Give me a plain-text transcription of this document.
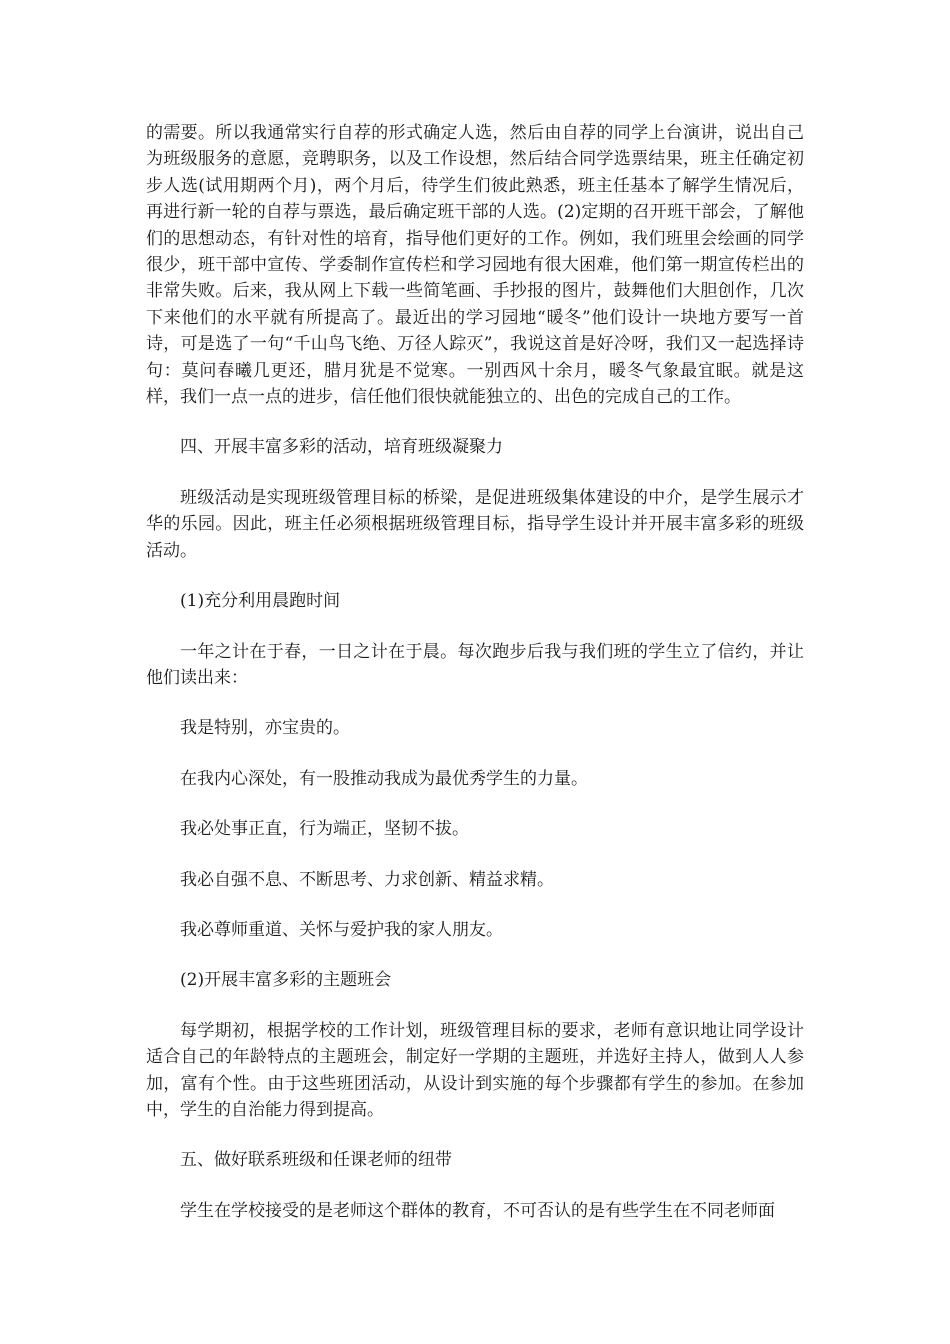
的需要。所以我通常实行自荐的形式确定人选，然后由自荐的同学上台演讲，说出自己为班级服务的意愿，竞聘职务，以及工作设想，然后结合同学选票结果，班主任确定初步人选(试用期两个月)，两个月后，待学生们彼此熟悉，班主任基本了解学生情况后，再进行新一轮的自荐与票选，最后确定班干部的人选。(2)定期的召开班干部会，了解他们的思想动态，有针对性的培育，指导他们更好的工作。例如，我们班里会绘画的同学很少，班干部中宣传、学委制作宣传栏和学习园地有很大困难，他们第一期宣传栏出的非常失败。后来，我从网上下载一些简笔画、手抄报的图片，鼓舞他们大胆创作，几次下来他们的水平就有所提高了。最近出的学习园地“暖冬”他们设计一块地方要写一首诗，可是选了一句“千山鸟飞绝、万径人踪灭”，我说这首是好冷呀，我们又一起选择诗句：莫问春曦几更还，腊月犹是不觉寒。一别西风十余月，暖冬气象最宜眠。就是这样，我们一点一点的进步，信任他们很快就能独立的、出色的完成自己的工作。

四、开展丰富多彩的活动，培育班级凝聚力

班级活动是实现班级管理目标的桥梁，是促进班级集体建设的中介，是学生展示才华的乐园。因此，班主任必须根据班级管理目标，指导学生设计并开展丰富多彩的班级活动。

(1)充分利用晨跑时间

一年之计在于春，一日之计在于晨。每次跑步后我与我们班的学生立了信约，并让他们读出来：

我是特别，亦宝贵的。

在我内心深处，有一股推动我成为最优秀学生的力量。

我必处事正直，行为端正，坚韧不拔。

我必自强不息、不断思考、力求创新、精益求精。

我必尊师重道、关怀与爱护我的家人朋友。

(2)开展丰富多彩的主题班会

每学期初，根据学校的工作计划，班级管理目标的要求，老师有意识地让同学设计适合自己的年龄特点的主题班会，制定好一学期的主题班，并选好主持人，做到人人参加，富有个性。由于这些班团活动，从设计到实施的每个步骤都有学生的参加。在参加中，学生的自治能力得到提高。

五、做好联系班级和任课老师的纽带

学生在学校接受的是老师这个群体的教育，不可否认的是有些学生在不同老师面
